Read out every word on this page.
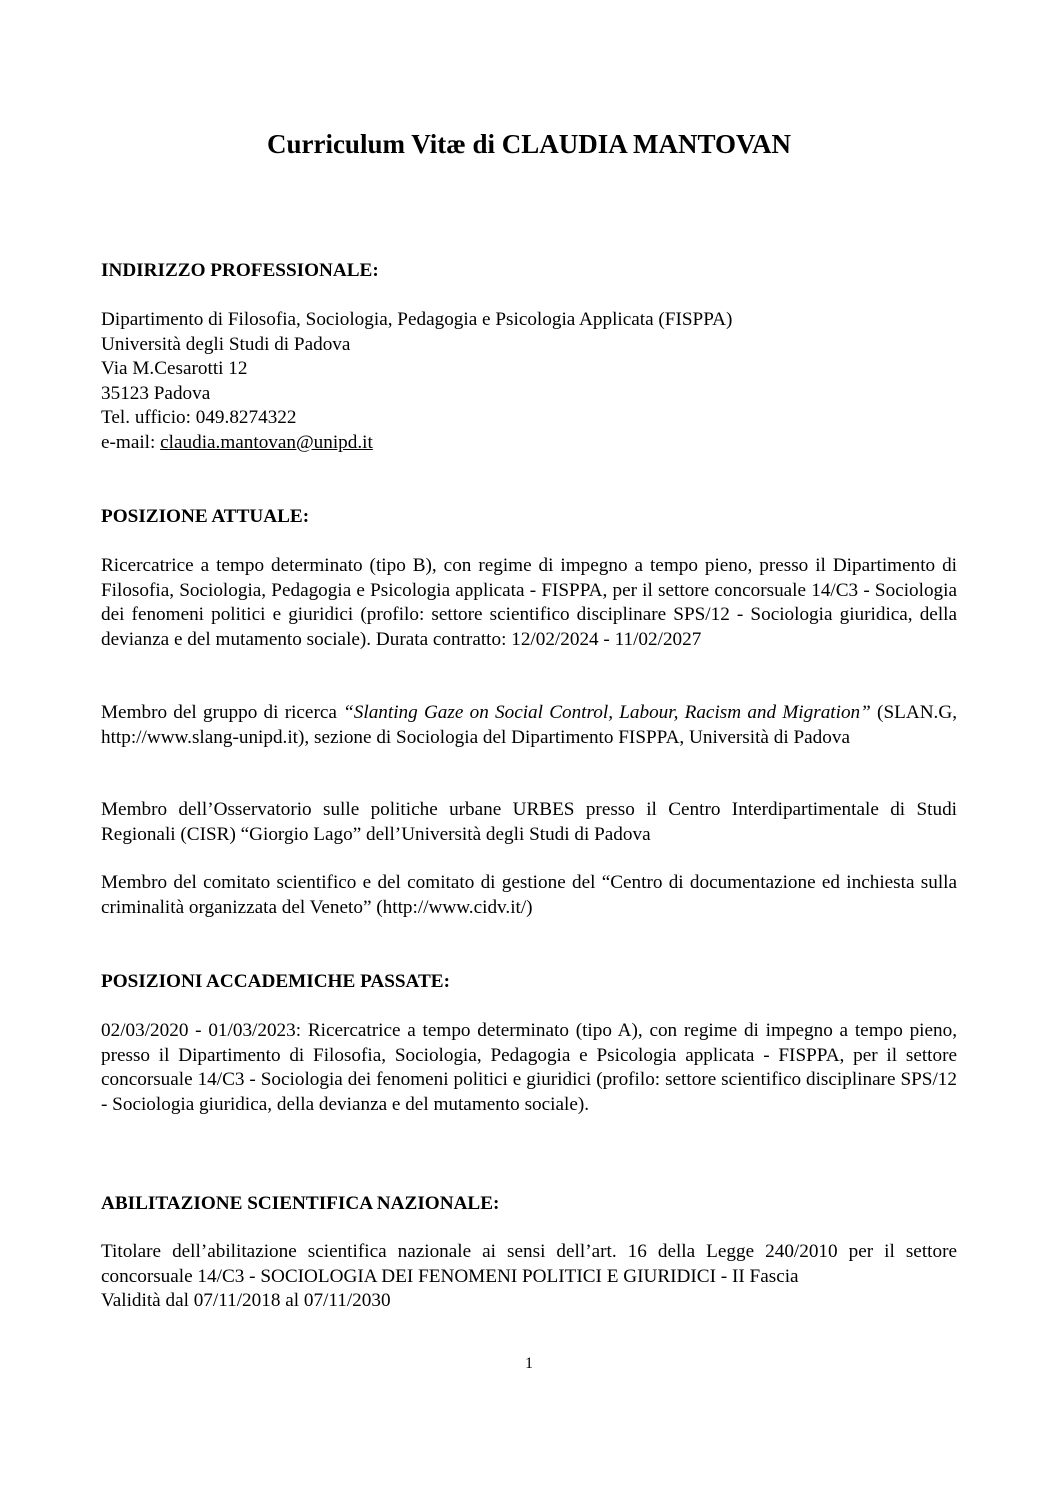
Curriculum Vitæ di CLAUDIA MANTOVAN
INDIRIZZO PROFESSIONALE:
Dipartimento di Filosofia, Sociologia, Pedagogia e Psicologia Applicata (FISPPA)
Università degli Studi di Padova
Via M.Cesarotti 12
35123 Padova
Tel. ufficio: 049.8274322
e-mail: claudia.mantovan@unipd.it
POSIZIONE ATTUALE:
Ricercatrice a tempo determinato (tipo B), con regime di impegno a tempo pieno, presso il Dipartimento di Filosofia, Sociologia, Pedagogia e Psicologia applicata - FISPPA, per il settore concorsuale 14/C3 - Sociologia dei fenomeni politici e giuridici (profilo: settore scientifico disciplinare SPS/12 - Sociologia giuridica, della devianza e del mutamento sociale). Durata contratto: 12/02/2024 - 11/02/2027
Membro del gruppo di ricerca “Slanting Gaze on Social Control, Labour, Racism and Migration” (SLAN.G, http://www.slang-unipd.it), sezione di Sociologia del Dipartimento FISPPA, Università di Padova
Membro dell’Osservatorio sulle politiche urbane URBES presso il Centro Interdipartimentale di Studi Regionali (CISR) “Giorgio Lago” dell’Università degli Studi di Padova
Membro del comitato scientifico e del comitato di gestione del “Centro di documentazione ed inchiesta sulla criminalità organizzata del Veneto” (http://www.cidv.it/)
POSIZIONI ACCADEMICHE PASSATE:
02/03/2020 - 01/03/2023: Ricercatrice a tempo determinato (tipo A), con regime di impegno a tempo pieno, presso il Dipartimento di Filosofia, Sociologia, Pedagogia e Psicologia applicata - FISPPA, per il settore concorsuale 14/C3 - Sociologia dei fenomeni politici e giuridici (profilo: settore scientifico disciplinare SPS/12 - Sociologia giuridica, della devianza e del mutamento sociale).
ABILITAZIONE SCIENTIFICA NAZIONALE:
Titolare dell’abilitazione scientifica nazionale ai sensi dell’art. 16 della Legge 240/2010 per il settore concorsuale 14/C3 - SOCIOLOGIA DEI FENOMENI POLITICI E GIURIDICI - II Fascia
Validità dal 07/11/2018 al 07/11/2030
1
